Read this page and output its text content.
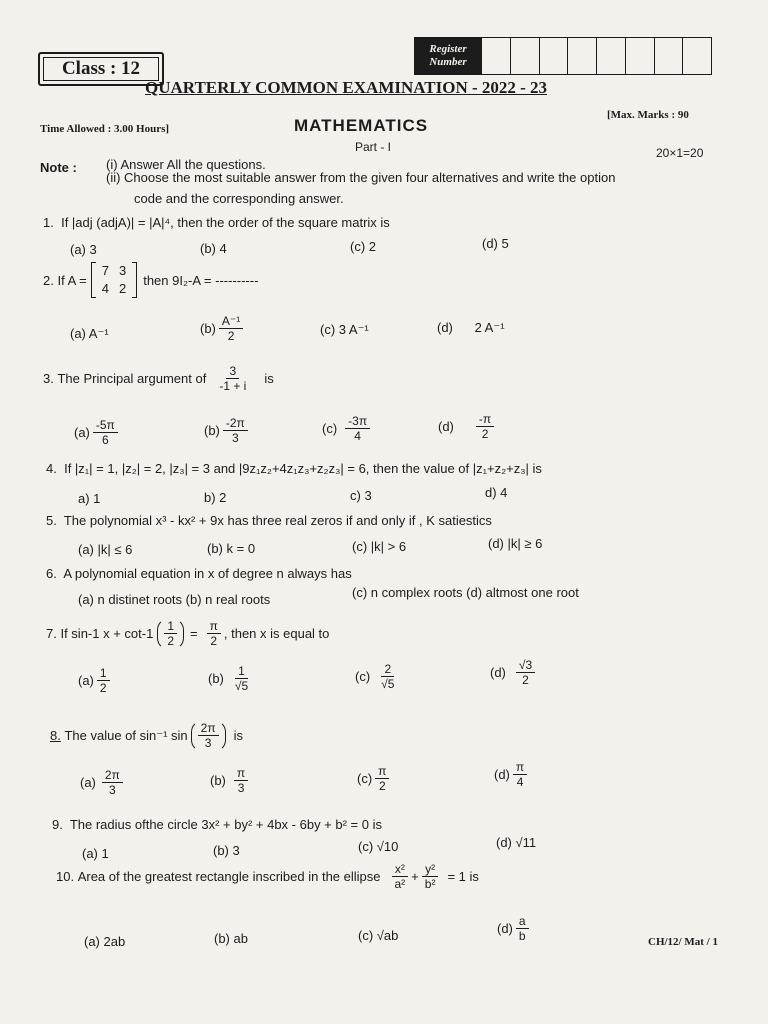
Class : 12
Register
Number
QUARTERLY COMMON EXAMINATION - 2022 - 23
Time Allowed : 3.00 Hours]	MATHEMATICS
[Max. Marks : 90
Part - I	20×1=20
Note : (i) Answer All the questions.
(ii) Choose the most suitable answer from the given four alternatives and write the option
code and the corresponding answer.
1. If |adj (adjA)| = |A|⁴, then the order of the square matrix is
(a) 3	(b) 4	(c) 2	(d) 5
2.
If A =
7	3
4	2
then 9I₂-A = ----------
(a) A⁻¹	$(b) \frac{\text{A⁻¹}}{2}$	(c) 3 A⁻¹	(d) 2 A⁻¹
3.
The Principal argument of $\frac{3}{-1 + i}$ is
$(a) \frac{-5\pi}{6}$	$(b) \frac{-2\pi}{3}$	$(c) \frac{-3\pi}{4}$	$(d) \frac{-\pi}{2}$
4. If |z₁| = 1, |z₂| = 2, |z₃| = 3 and |9z₁z₂+4z₁z₃+z₂z₃| = 6, then the value of |z₁+z₂+z₃| is
a) 1	b) 2	c) 3	d) 4
5. The polynomial x³ - kx² + 9x has three real zeros if and only if , K satiestics
(a) |k| ≤ 6	(b) k = 0	(c) |k| > 6	(d) |k| ≥ 6
6. A polynomial equation in x of degree n always has
(a) n distinet roots (b) n real roots	(c) n complex roots (d) altmost one root
7.
If sin-1 $x + \cot-1 \frac{1}{2} = \frac{\pi}{2}$ , then x is equal to
$(a) \frac{1}{2}$	$(b) \frac{1}{√5}$	$(c) \frac{2}{√5}$	$(d) \frac{√3}{2}$
8.
The value of sin⁻¹ $\sin \frac{2\pi}{3}$ is
$(a) \frac{2\pi}{3}$	$(b) \frac{\pi}{3}$	$(c) \frac{\pi}{2}$	$(d) \frac{\pi}{4}$
9. The radius ofthe circle 3x² + by² + 4bx - 6by + b² = 0 is
(a) 1	(b) 3	(c) √10	(d) √11
10.
Area of the greatest rectangle inscribed in the ellipse $\frac{\text{x²}}{\text{a²}} + \frac{\text{y²}}{\text{b²}} = 1$ is
(a) 2ab	(b) ab	(c) √ab	$(d) \frac{a}{b}$	CH/12/ Mat / 1
